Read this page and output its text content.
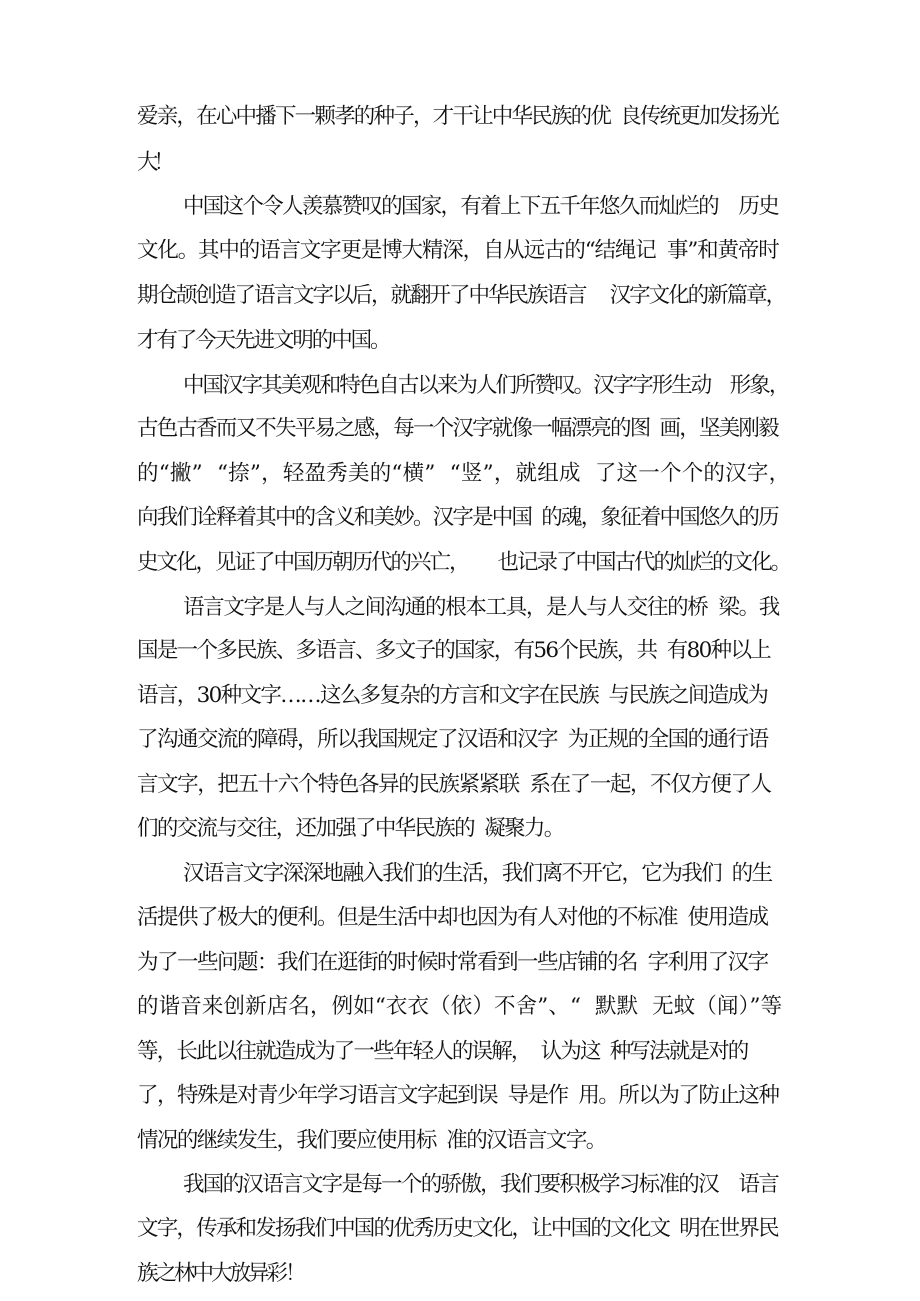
爱亲，在心中播下一颗孝的种子，才干让中华民族的优  良传统更加发扬光

大！

中国这个令人羡慕赞叹的国家，有着上下五千年悠久而灿烂的    历史

文化。其中的语言文字更是博大精深，自从远古的“结绳记  事”和黄帝时

期仓颉创造了语言文字以后，就翻开了中华民族语言     汉字文化的新篇章，

才有了今天先进文明的中国。

中国汉字其美观和特色自古以来为人们所赞叹。汉字字形生动    形象，

古色古香而又不失平易之感，每一个汉字就像一幅漂亮的图  画，坚美刚毅

的“撇”  “捺”，轻盈秀美的“横”  “竖”，就组成  了这一个个的汉字，

向我们诠释着其中的含义和美妙。汉字是中国  的魂，象征着中国悠久的历

史文化，见证了中国历朝历代的兴亡，      也记录了中国古代的灿烂的文化。

语言文字是人与人之间沟通的根本工具，是人与人交往的桥  梁。我

国是一个多民族、多语言、多文子的国家，有56个民族，共  有80种以上

语言，30种文字……这么多复杂的方言和文字在民族  与民族之间造成为

了沟通交流的障碍，所以我国规定了汉语和汉字  为正规的全国的通行语

言文字，把五十六个特色各异的民族紧紧联  系在了一起，不仅方便了人

们的交流与交往，还加强了中华民族的  凝聚力。

汉语言文字深深地融入我们的生活，我们离不开它，它为我们  的生

活提供了极大的便利。但是生活中却也因为有人对他的不标准  使用造成

为了一些问题：我们在逛街的时候时常看到一些店铺的名  字利用了汉字

的谐音来创新店名，例如“衣衣（依）不舍”、“  默默  无蚊（闻）”等

等，长此以往就造成为了一些年轻人的误解，  认为这  种写法就是对的

了，特殊是对青少年学习语言文字起到误  导是作  用。所以为了防止这种

情况的继续发生，我们要应使用标  准的汉语言文字。

我国的汉语言文字是每一个的骄傲，我们要积极学习标准的汉    语言

文字，传承和发扬我们中国的优秀历史文化，让中国的文化文  明在世界民

族之林中大放异彩！
